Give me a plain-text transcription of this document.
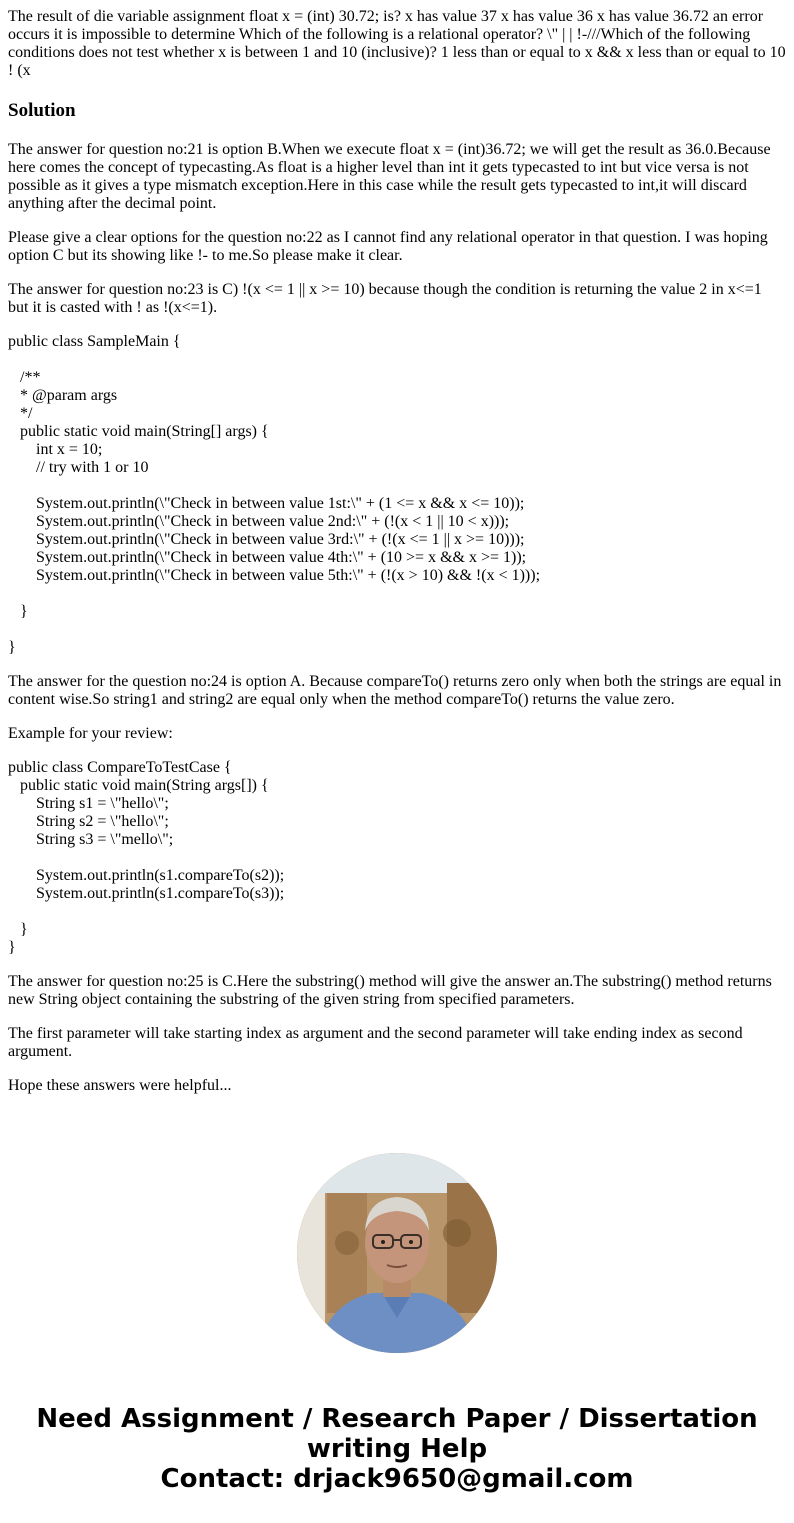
The result of die variable assignment float x = (int) 30.72; is? x has value 37 x has value 36 x has value 36.72 an error occurs it is impossible to determine Which of the following is a relational operator? \" | | !-///Which of the following conditions does not test whether x is between 1 and 10 (inclusive)? 1 less than or equal to x && x less than or equal to 10 ! (x

Solution

The answer for question no:21 is option B.When we execute float x = (int)36.72; we will get the result as 36.0.Because here comes the concept of typecasting.As float is a higher level than int it gets typecasted to int but vice versa is not possible as it gives a type mismatch exception.Here in this case while the result gets typecasted to int,it will discard anything after the decimal point.

Please give a clear options for the question no:22 as I cannot find any relational operator in that question. I was hoping option C but its showing like !- to me.So please make it clear.

The answer for question no:23 is C) !(x <= 1 || x >= 10) because though the condition is returning the value 2 in x<=1 but it is casted with ! as !(x<=1).

public class SampleMain {

/**
* @param args
*/
public static void main(String[] args) {
int x = 10;
// try with 1 or 10

System.out.println(\"Check in between value 1st:\" + (1 <= x && x <= 10));
System.out.println(\"Check in between value 2nd:\" + (!(x < 1 || 10 < x)));
System.out.println(\"Check in between value 3rd:\" + (!(x <= 1 || x >= 10)));
System.out.println(\"Check in between value 4th:\" + (10 >= x && x >= 1));
System.out.println(\"Check in between value 5th:\" + (!(x > 10) && !(x < 1)));

}

}

The answer for the question no:24 is option A. Because compareTo() returns zero only when both the strings are equal in content wise.So string1 and string2 are equal only when the method compareTo() returns the value zero.

Example for your review:

public class CompareToTestCase {
public static void main(String args[]) {
String s1 = \"hello\";
String s2 = \"hello\";
String s3 = \"mello\";

System.out.println(s1.compareTo(s2));
System.out.println(s1.compareTo(s3));

}
}

The answer for question no:25 is C.Here the substring() method will give the answer an.The substring() method returns new String object containing the substring of the given string from specified parameters.

The first parameter will take starting index as argument and the second parameter will take ending index as second argument.

Hope these answers were helpful...

Need Assignment / Research Paper / Dissertation
writing Help
Contact: drjack9650@gmail.com
